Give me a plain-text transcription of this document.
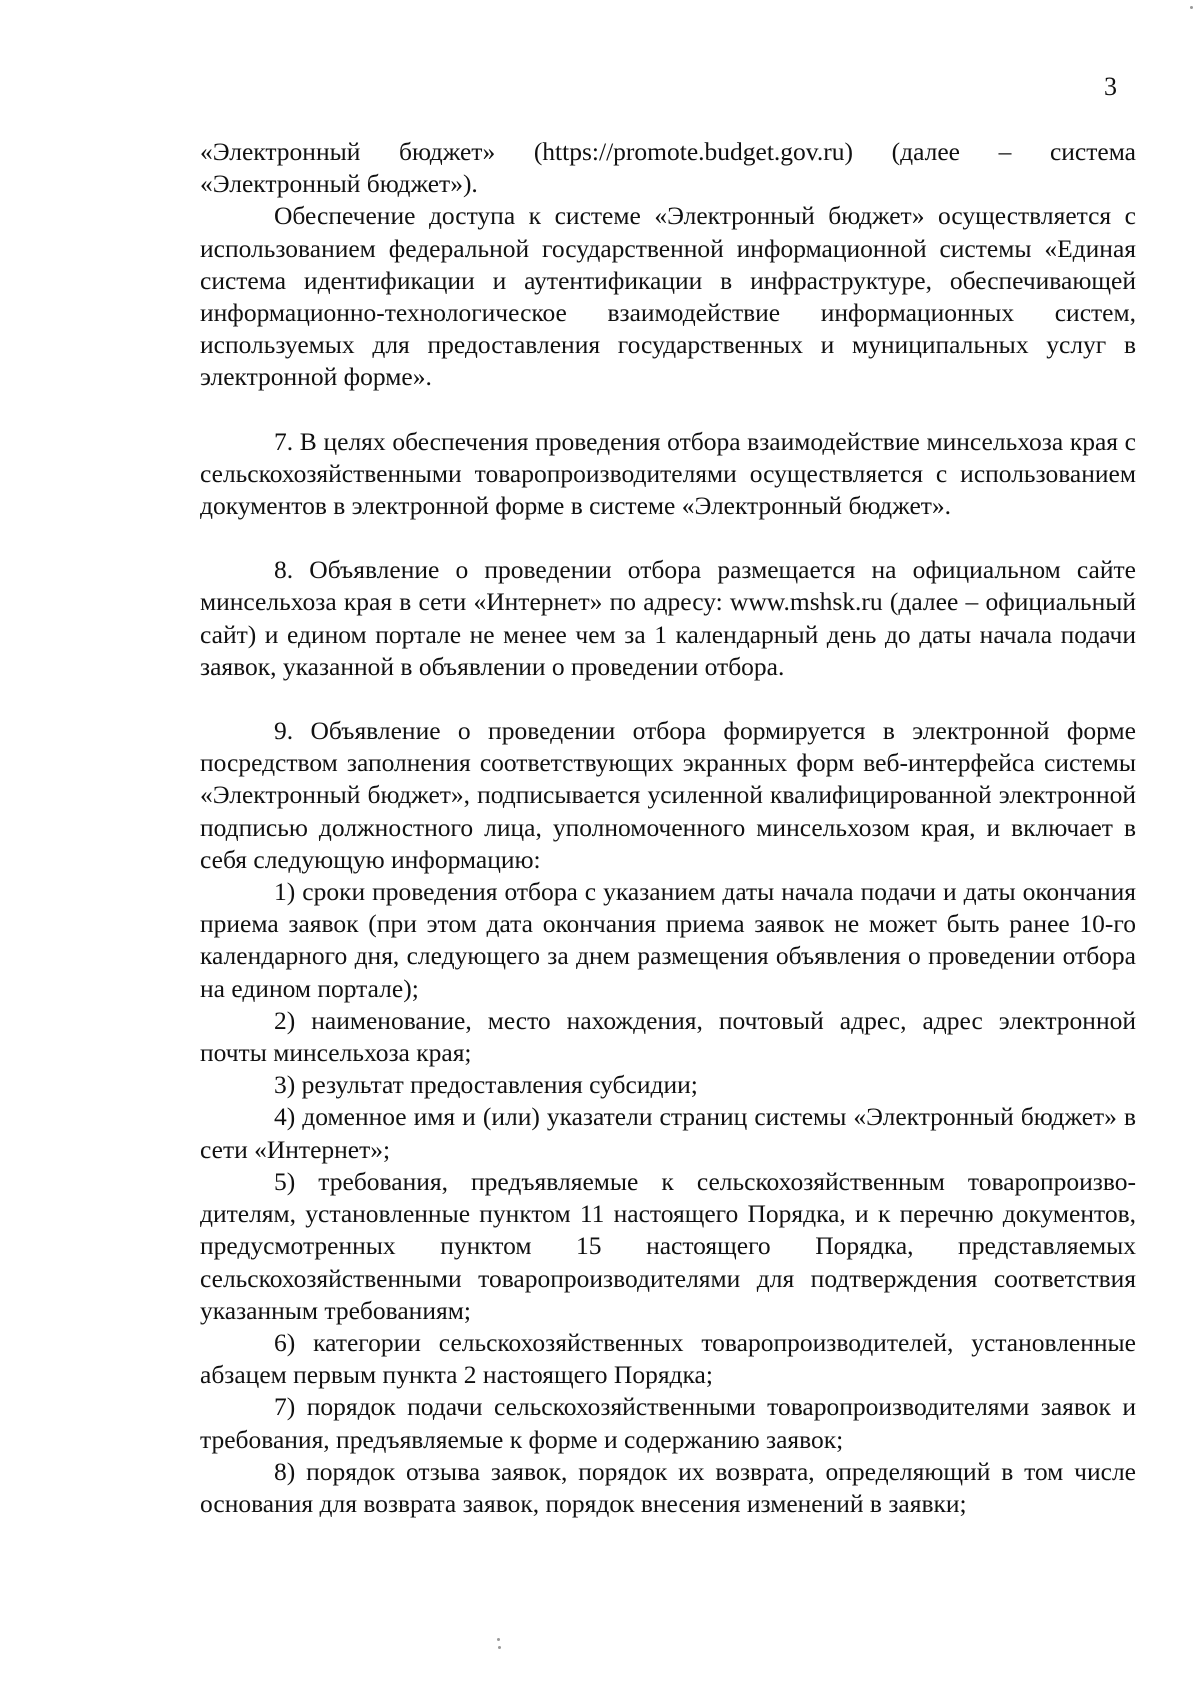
3

«Электронный бюджет» (https://promote.budget.gov.ru) (далее – система «Электронный бюджет»).

Обеспечение доступа к системе «Электронный бюджет» осуществляется с использованием федеральной государственной информационной системы «Единая система идентификации и аутентификации в инфраструктуре, обеспечивающей информационно-технологическое взаимодействие информационных систем, используемых для предоставления государственных и муниципальных услуг в электронной форме».

7. В целях обеспечения проведения отбора взаимодействие минсельхоза края с сельскохозяйственными товаропроизводителями осуществляется с использованием документов в электронной форме в системе «Электронный бюджет».

8. Объявление о проведении отбора размещается на официальном сайте минсельхоза края в сети «Интернет» по адресу: www.mshsk.ru (далее – официальный сайт) и едином портале не менее чем за 1 календарный день до даты начала подачи заявок, указанной в объявлении о проведении отбора.

9. Объявление о проведении отбора формируется в электронной форме посредством заполнения соответствующих экранных форм веб-интерфейса системы «Электронный бюджет», подписывается усиленной квалифицированной электронной подписью должностного лица, уполномоченного минсельхозом края, и включает в себя следующую информацию:

1) сроки проведения отбора с указанием даты начала подачи и даты окончания приема заявок (при этом дата окончания приема заявок не может быть ранее 10-го календарного дня, следующего за днем размещения объявления о проведении отбора на едином портале);

2) наименование, место нахождения, почтовый адрес, адрес электронной почты минсельхоза края;

3) результат предоставления субсидии;

4) доменное имя и (или) указатели страниц системы «Электронный бюджет» в сети «Интернет»;

5) требования, предъявляемые к сельскохозяйственным товаропроизводителям, установленные пунктом 11 настоящего Порядка, и к перечню документов, предусмотренных пунктом 15 настоящего Порядка, представляемых сельскохозяйственными товаропроизводителями для подтверждения соответствия указанным требованиям;

6) категории сельскохозяйственных товаропроизводителей, установленные абзацем первым пункта 2 настоящего Порядка;

7) порядок подачи сельскохозяйственными товаропроизводителями заявок и требования, предъявляемые к форме и содержанию заявок;

8) порядок отзыва заявок, порядок их возврата, определяющий в том числе основания для возврата заявок, порядок внесения изменений в заявки;
